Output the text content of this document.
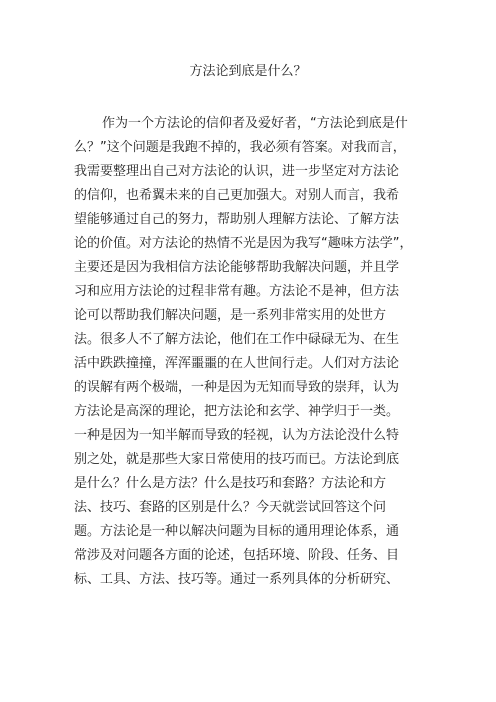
方法论到底是什么？
作为一个方法论的信仰者及爱好者，“方法论到底是什
么？”这个问题是我跑不掉的，我必须有答案。对我而言，
我需要整理出自己对方法论的认识，进一步坚定对方法论
的信仰，也希翼未来的自己更加强大。对别人而言，我希
望能够通过自己的努力，帮助别人理解方法论、了解方法
论的价值。对方法论的热情不光是因为我写“趣味方法学”，
主要还是因为我相信方法论能够帮助我解决问题，并且学
习和应用方法论的过程非常有趣。方法论不是神，但方法
论可以帮助我们解决问题，是一系列非常实用的处世方
法。很多人不了解方法论，他们在工作中碌碌无为、在生
活中跌跌撞撞，浑浑噩噩的在人世间行走。人们对方法论
的误解有两个极端，一种是因为无知而导致的崇拜，认为
方法论是高深的理论，把方法论和玄学、神学归于一类。
一种是因为一知半解而导致的轻视，认为方法论没什么特
别之处，就是那些大家日常使用的技巧而已。方法论到底
是什么？什么是方法？什么是技巧和套路？方法论和方
法、技巧、套路的区别是什么？今天就尝试回答这个问
题。方法论是一种以解决问题为目标的通用理论体系，通
常涉及对问题各方面的论述，包括环境、阶段、任务、目
标、工具、方法、技巧等。通过一系列具体的分析研究、
